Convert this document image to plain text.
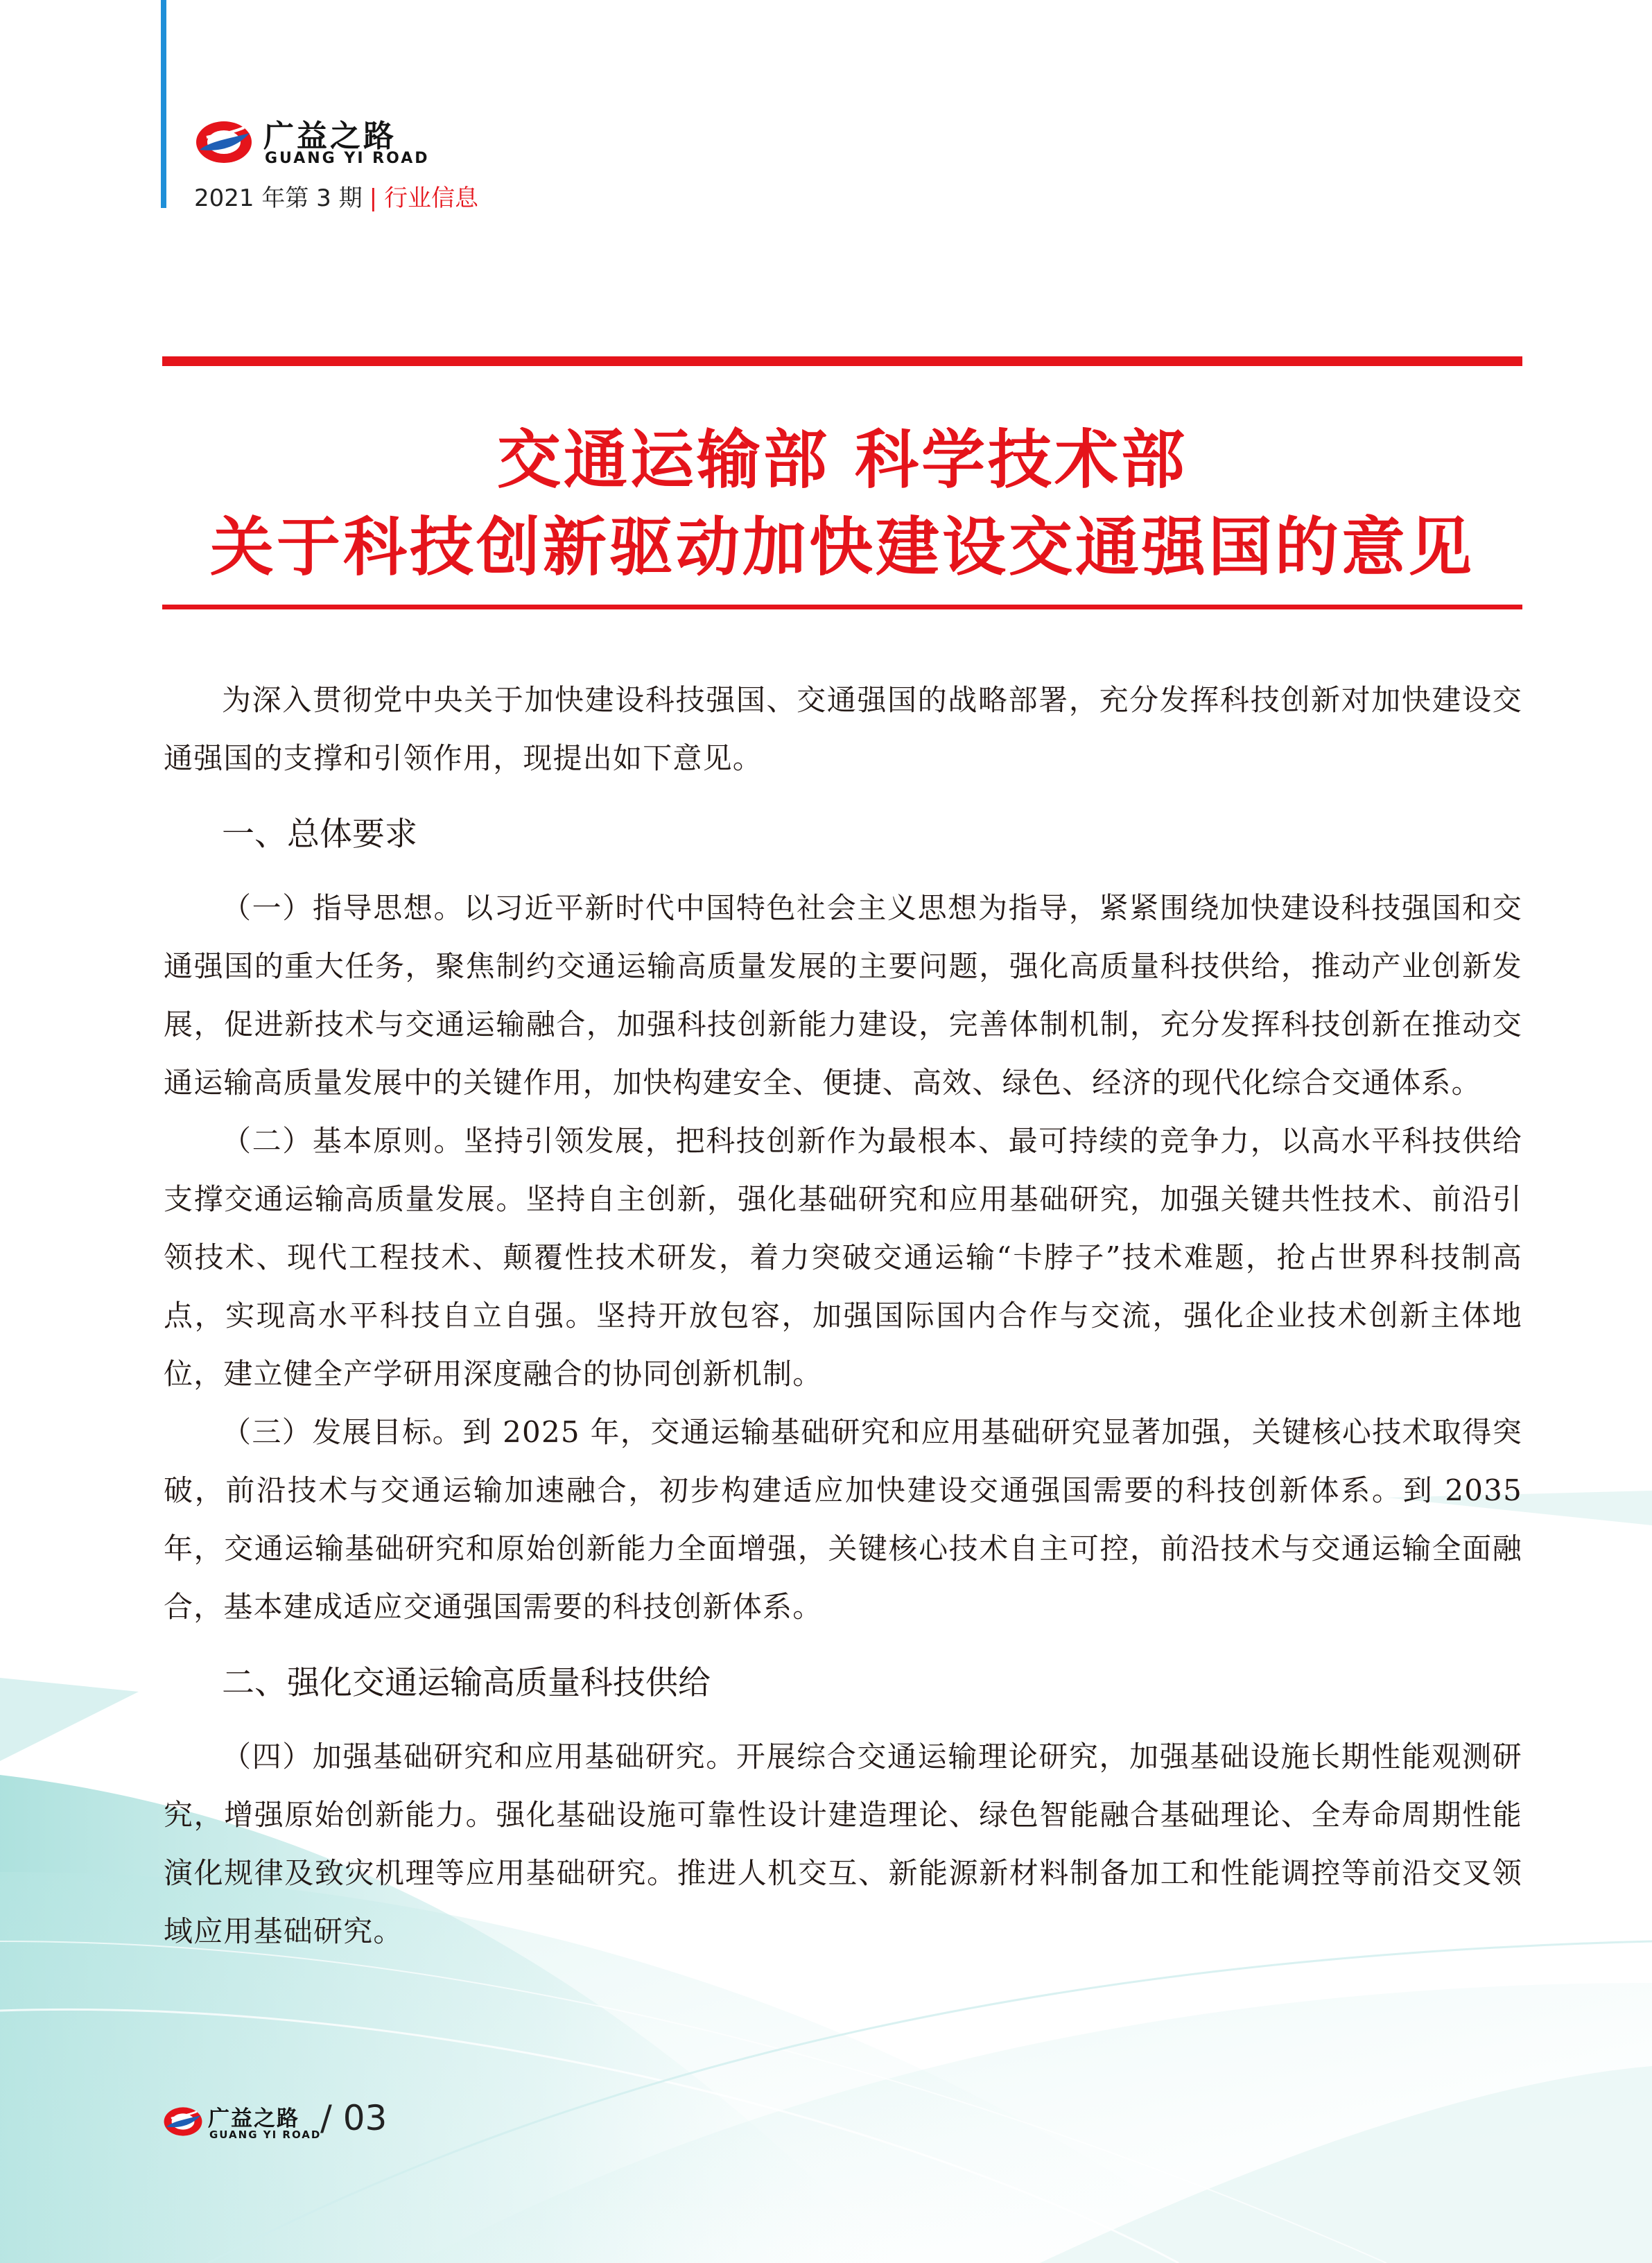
广益之路
GUANG YI ROAD
2021 年第 3 期 | 行业信息
交通运输部 科学技术部
关于科技创新驱动加快建设交通强国的意见

为深入贯彻党中央关于加快建设科技强国、交通强国的战略部署，充分发挥科技创新对加快建设交通强国的支撑和引领作用，现提出如下意见。

一、总体要求

（一）指导思想。以习近平新时代中国特色社会主义思想为指导，紧紧围绕加快建设科技强国和交通强国的重大任务，聚焦制约交通运输高质量发展的主要问题，强化高质量科技供给，推动产业创新发展，促进新技术与交通运输融合，加强科技创新能力建设，完善体制机制，充分发挥科技创新在推动交通运输高质量发展中的关键作用，加快构建安全、便捷、高效、绿色、经济的现代化综合交通体系。

（二）基本原则。坚持引领发展，把科技创新作为最根本、最可持续的竞争力，以高水平科技供给支撑交通运输高质量发展。坚持自主创新，强化基础研究和应用基础研究，加强关键共性技术、前沿引领技术、现代工程技术、颠覆性技术研发，着力突破交通运输“卡脖子”技术难题，抢占世界科技制高点，实现高水平科技自立自强。坚持开放包容，加强国际国内合作与交流，强化企业技术创新主体地位，建立健全产学研用深度融合的协同创新机制。

（三）发展目标。到 2025 年，交通运输基础研究和应用基础研究显著加强，关键核心技术取得突破，前沿技术与交通运输加速融合，初步构建适应加快建设交通强国需要的科技创新体系。到 2035 年，交通运输基础研究和原始创新能力全面增强，关键核心技术自主可控，前沿技术与交通运输全面融合，基本建成适应交通强国需要的科技创新体系。

二、强化交通运输高质量科技供给

（四）加强基础研究和应用基础研究。开展综合交通运输理论研究，加强基础设施长期性能观测研究，增强原始创新能力。强化基础设施可靠性设计建造理论、绿色智能融合基础理论、全寿命周期性能演化规律及致灾机理等应用基础研究。推进人机交互、新能源新材料制备加工和性能调控等前沿交叉领域应用基础研究。

广益之路
GUANG YI ROAD
/ 03
